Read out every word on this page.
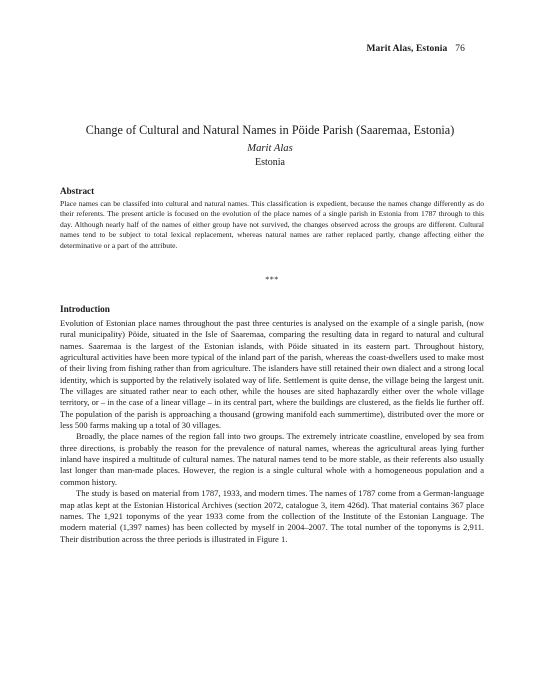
Marit Alas, Estonia 76
Change of Cultural and Natural Names in Pöide Parish (Saaremaa, Estonia)
Marit Alas
Estonia
Abstract
Place names can be classifed into cultural and natural names. This classification is expedient, because the names change differently as do their referents. The present article is focused on the evolution of the place names of a single parish in Estonia from 1787 through to this day. Although nearly half of the names of either group have not survived, the changes observed across the groups are different. Cultural names tend to be subject to total lexical replacement, whereas natural names are rather replaced partly, change affecting either the determinative or a part of the attribute.
***
Introduction

Evolution of Estonian place names throughout the past three centuries is analysed on the example of a single parish, (now rural municipality) Pöide, situated in the Isle of Saaremaa, comparing the resulting data in regard to natural and cultural names. Saaremaa is the largest of the Estonian islands, with Pöide situated in its eastern part. Throughout history, agricultural activities have been more typical of the inland part of the parish, whereas the coast-dwellers used to make most of their living from fishing rather than from agriculture. The islanders have still retained their own dialect and a strong local identity, which is supported by the relatively isolated way of life. Settlement is quite dense, the village being the largest unit. The villages are situated rather near to each other, while the houses are sited haphazardly either over the whole village territory, or – in the case of a linear village – in its central part, where the buildings are clustered, as the fields lie further off. The population of the parish is approaching a thousand (growing manifold each summertime), distributed over the more or less 500 farms making up a total of 30 villages.

Broadly, the place names of the region fall into two groups. The extremely intricate coastline, enveloped by sea from three directions, is probably the reason for the prevalence of natural names, whereas the agricultural areas lying further inland have inspired a multitude of cultural names. The natural names tend to be more stable, as their referents also usually last longer than man-made places. However, the region is a single cultural whole with a homogeneous population and a common history.

The study is based on material from 1787, 1933, and modern times. The names of 1787 come from a German-language map atlas kept at the Estonian Historical Archives (section 2072, catalogue 3, item 426d). That material contains 367 place names. The 1,921 toponyms of the year 1933 come from the collection of the Institute of the Estonian Language. The modern material (1,397 names) has been collected by myself in 2004–2007. The total number of the toponyms is 2,911. Their distribution across the three periods is illustrated in Figure 1.
